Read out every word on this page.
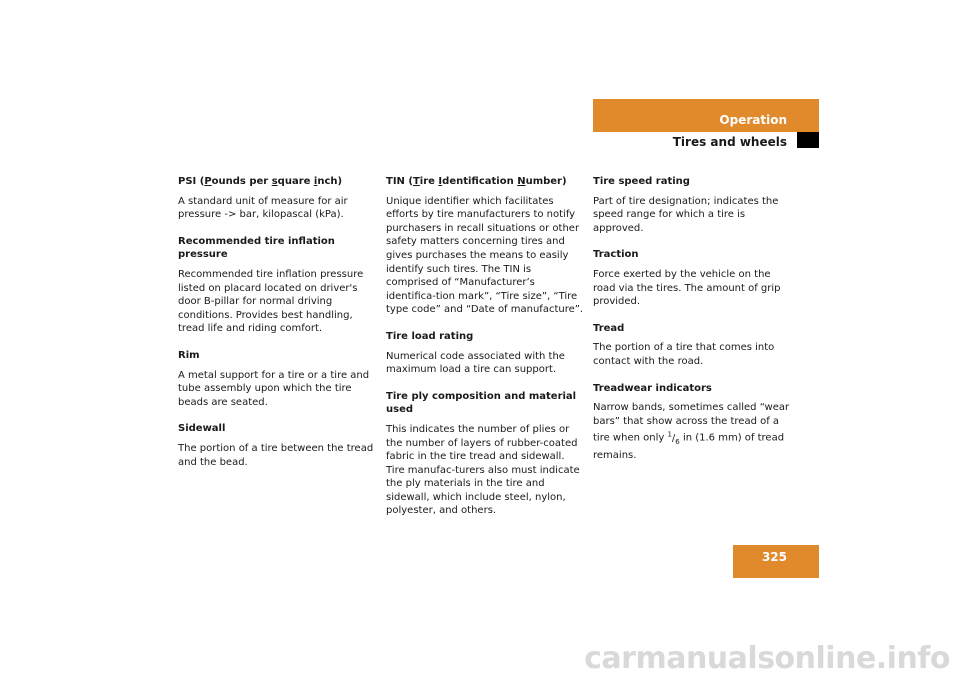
Operation
Tires and wheels

PSI (Pounds per square inch)

A standard unit of measure for air pressure -> bar, kilopascal (kPa).

Recommended tire inflation pressure

Recommended tire inflation pressure listed on placard located on driver's door B-pillar for normal driving conditions. Provides best handling, tread life and riding comfort.

Rim

A metal support for a tire or a tire and tube assembly upon which the tire beads are seated.

Sidewall

The portion of a tire between the tread and the bead.

TIN (Tire Identification Number)

Unique identifier which facilitates efforts by tire manufacturers to notify purchasers in recall situations or other safety matters concerning tires and gives purchases the means to easily identify such tires. The TIN is comprised of “Manufacturer’s identifica-tion mark”, “Tire size”, “Tire type code” and “Date of manufacture”.

Tire load rating

Numerical code associated with the maximum load a tire can support.

Tire ply composition and material used

This indicates the number of plies or the number of layers of rubber-coated fabric in the tire tread and sidewall. Tire manufac-turers also must indicate the ply materials in the tire and sidewall, which include steel, nylon, polyester, and others.

Tire speed rating

Part of tire designation; indicates the speed range for which a tire is approved.

Traction

Force exerted by the vehicle on the road via the tires. The amount of grip provided.

Tread

The portion of a tire that comes into contact with the road.

Treadwear indicators

Narrow bands, sometimes called “wear bars” that show across the tread of a tire when only $^1/_6$ in (1.6 mm) of tread remains.

325
carmanualsonline.info
